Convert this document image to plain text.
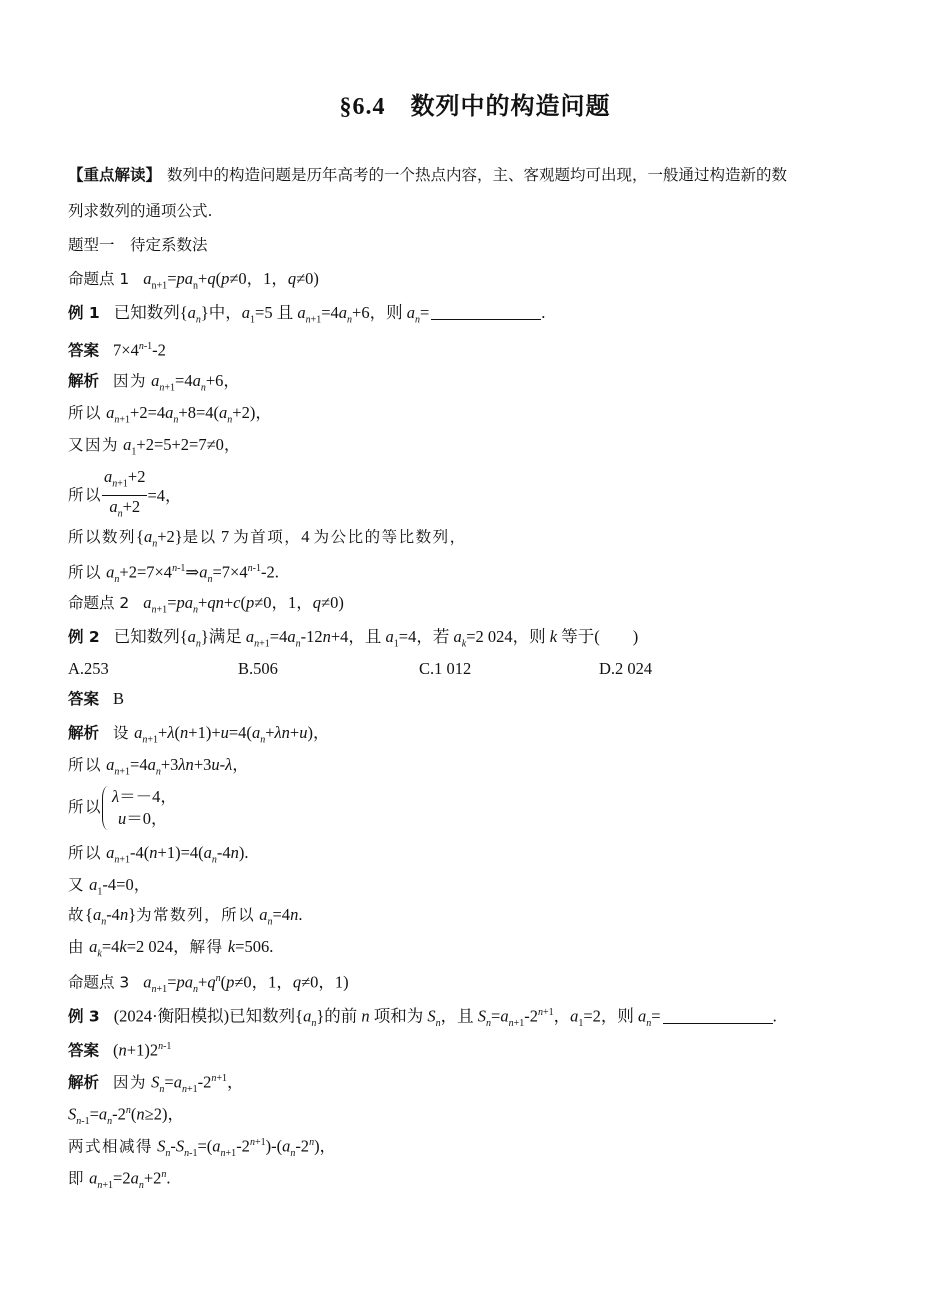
§6.4　数列中的构造问题
【重点解读】 数列中的构造问题是历年高考的一个热点内容，主、客观题均可出现，一般通过构造新的数
列求数列的通项公式.
题型一　待定系数法
命题点 1 $a_{n+1}=pa_n+q(p\ne 0$，1，q≠0)
例 1 已知数列$\{a_n\}$中，$a_1=5$ 且 $a_{n+1}=4a_n+6$，则 $a_n=$	.
答案 $7\times 4^{n-1}-2$
解析 因为 $a_{n+1}=4a_n+6$，
所以 $a_{n+1}+2=4a_n+8=4(a_n+2)$，
又因为 $a_1+2=5+2=7\ne 0$，
所以 $\frac{a_{n+1}+2}{a_n+2} =4$，
所以数列$\{a_n+2\}$是以 7 为首项，4 为公比的等比数列，
所以 $a_n+2=7\times 4^{n-1}\Rightarrow a_n=7\times 4^{n-1}-2$.
命题点 2 $a_{n+1}=pa_n+qn+c(p\ne 0$，1，q≠0)
例 2 已知数列$\{a_n\}$满足 $a_{n+1}=4a_n-12n+4$，且 $a_1=4$，若 $a_k=2$ 024，则 k 等于(　　)
A.253	B.506	C.1 012	D.2 024
答案 B
解析 设 $a_{n+1}+\lambda(n+1)+u=4(a_n+\lambda n+u)$，
所以 $a_{n+1}=4a_n+3\lambda n+3u-\lambda$，
所以
λ＝－4，
u＝0，
所以 $a_{n+1}-4(n+1)=4(a_n-4n)$.
又 $a_1-4=0$，
故$\{a_n-4n\}$为常数列，所以 $a_n=4n$.
由 $a_k=4k=2$ 024，解得 k=506.
命题点 3 $a_{n+1}=pa_n+q^n(p\ne 0$，1，q≠0，1)
例 3 (2024·衡阳模拟)已知数列$\{a_n\}$的前 n 项和为 $S_n$，且 $S_n=a_{n+1}-2^{n+1}$，$a_1=2$，则 $a_n=$	.
答案 $(n+1)2^{n-1}$
解析 因为 $S_n=a_{n+1}-2^{n+1}$，
$S_{n-1}=a_n-2^n(n\ge 2)$，
两式相减得 $S_n-S_{n-1}=(a_{n+1}-2^{n+1})-(a_n-2^n)$，
即 $a_{n+1}=2a_n+2^n$.
